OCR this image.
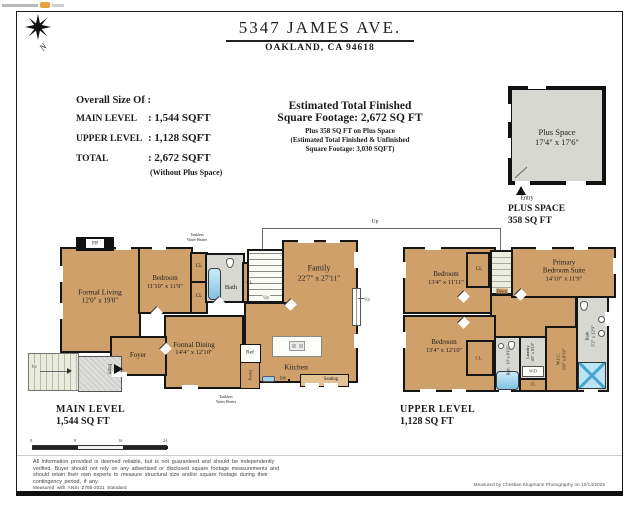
N
5347 JAMES AVE.
OAKLAND, CA 94618
Overall Size Of :
MAIN LEVEL : 1,544 SQFT
UPPER LEVEL : 1,128 SQFT
TOTAL	: 2,672 SQFT
(Without Plus Space)
Estimated Total Finished
Square Footage: 2,672 SQ FT
Plus 358 SQ FT on Plus Space
(Estimated Total Finished & Unfinished
Square Footage: 3,030 SQFT)
Plus Space
17'4" x 17'6"
Entry
PLUS SPACE
358 SQ FT
Up
FP
Up
Bath
Ref
Pantry	DW
Formal Living
12'0" x 19'0"
Bedroom
11'10" x 11'9"
Family
22'7" x 27'11"
Formal Dining
14'4" x 12'10"
Foyer
Kitchen
CL
CL
CL.
Up
Seating
Entry
Up
Tankless
Water Heater
Tankless
Water Heater
MAIN LEVEL
1,544 SQ FT
W/D
Bedroom
13'4" x 11'11"
Bedroom
13'4" x 12'10"
Primary
Bedroom Suite
14'10" x 11'9"
CL
CL.
CL
Down
Bath 10' x 8'10"	Laundry 4'0" x 8'10"	W.I.C. 6'8" x 8'10"
Bath 5'2" x 12'9"
UPPER LEVEL
1,128 SQ FT
0	8	16	24
All information provided is deemed reliable, but is not guaranteed and should be independently
verified. Buyer should not rely on any advertised or disclosed square footage measurements and
should retain their own experts to measure structural size and/or square footage during their
contingency period, if any.
Measured with ANSI Z765-2021 Standard
Measured by Christian Klugmann Photography on 10/14/2025
